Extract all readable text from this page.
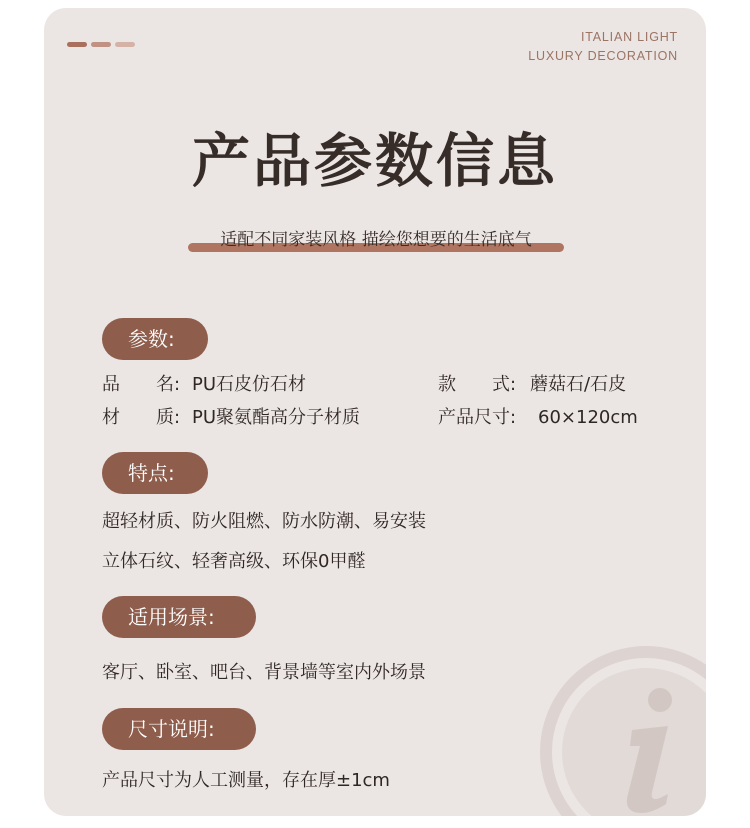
ITALIAN LIGHT
LUXURY DECORATION
产品参数信息
适配不同家装风格 描绘您想要的生活底气
参数:
品　　名: PU石皮仿石材	款　　式: 蘑菇石/石皮
材　　质: PU聚氨酯高分子材质	产品尺寸: 60×120cm
特点:
超轻材质、防火阻燃、防水防潮、易安装
立体石纹、轻奢高级、环保0甲醛
适用场景:
客厅、卧室、吧台、背景墙等室内外场景
尺寸说明:
产品尺寸为人工测量，存在厚±1cm
